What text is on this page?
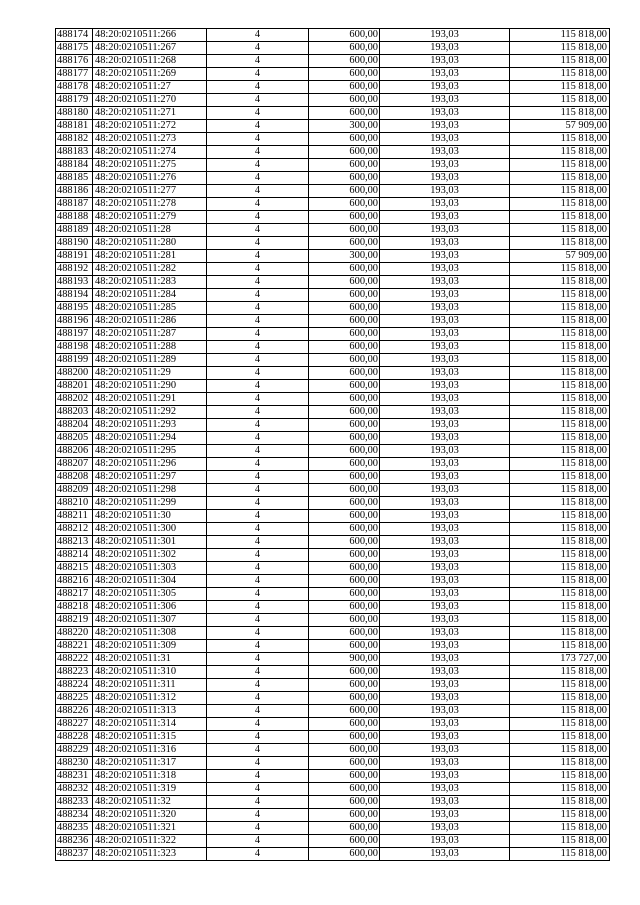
488174	48:20:0210511:266	4	600,00	193,03	115 818,00
488175	48:20:0210511:267	4	600,00	193,03	115 818,00
488176	48:20:0210511:268	4	600,00	193,03	115 818,00
488177	48:20:0210511:269	4	600,00	193,03	115 818,00
488178	48:20:0210511:27	4	600,00	193,03	115 818,00
488179	48:20:0210511:270	4	600,00	193,03	115 818,00
488180	48:20:0210511:271	4	600,00	193,03	115 818,00
488181	48:20:0210511:272	4	300,00	193,03	57 909,00
488182	48:20:0210511:273	4	600,00	193,03	115 818,00
488183	48:20:0210511:274	4	600,00	193,03	115 818,00
488184	48:20:0210511:275	4	600,00	193,03	115 818,00
488185	48:20:0210511:276	4	600,00	193,03	115 818,00
488186	48:20:0210511:277	4	600,00	193,03	115 818,00
488187	48:20:0210511:278	4	600,00	193,03	115 818,00
488188	48:20:0210511:279	4	600,00	193,03	115 818,00
488189	48:20:0210511:28	4	600,00	193,03	115 818,00
488190	48:20:0210511:280	4	600,00	193,03	115 818,00
488191	48:20:0210511:281	4	300,00	193,03	57 909,00
488192	48:20:0210511:282	4	600,00	193,03	115 818,00
488193	48:20:0210511:283	4	600,00	193,03	115 818,00
488194	48:20:0210511:284	4	600,00	193,03	115 818,00
488195	48:20:0210511:285	4	600,00	193,03	115 818,00
488196	48:20:0210511:286	4	600,00	193,03	115 818,00
488197	48:20:0210511:287	4	600,00	193,03	115 818,00
488198	48:20:0210511:288	4	600,00	193,03	115 818,00
488199	48:20:0210511:289	4	600,00	193,03	115 818,00
488200	48:20:0210511:29	4	600,00	193,03	115 818,00
488201	48:20:0210511:290	4	600,00	193,03	115 818,00
488202	48:20:0210511:291	4	600,00	193,03	115 818,00
488203	48:20:0210511:292	4	600,00	193,03	115 818,00
488204	48:20:0210511:293	4	600,00	193,03	115 818,00
488205	48:20:0210511:294	4	600,00	193,03	115 818,00
488206	48:20:0210511:295	4	600,00	193,03	115 818,00
488207	48:20:0210511:296	4	600,00	193,03	115 818,00
488208	48:20:0210511:297	4	600,00	193,03	115 818,00
488209	48:20:0210511:298	4	600,00	193,03	115 818,00
488210	48:20:0210511:299	4	600,00	193,03	115 818,00
488211	48:20:0210511:30	4	600,00	193,03	115 818,00
488212	48:20:0210511:300	4	600,00	193,03	115 818,00
488213	48:20:0210511:301	4	600,00	193,03	115 818,00
488214	48:20:0210511:302	4	600,00	193,03	115 818,00
488215	48:20:0210511:303	4	600,00	193,03	115 818,00
488216	48:20:0210511:304	4	600,00	193,03	115 818,00
488217	48:20:0210511:305	4	600,00	193,03	115 818,00
488218	48:20:0210511:306	4	600,00	193,03	115 818,00
488219	48:20:0210511:307	4	600,00	193,03	115 818,00
488220	48:20:0210511:308	4	600,00	193,03	115 818,00
488221	48:20:0210511:309	4	600,00	193,03	115 818,00
488222	48:20:0210511:31	4	900,00	193,03	173 727,00
488223	48:20:0210511:310	4	600,00	193,03	115 818,00
488224	48:20:0210511:311	4	600,00	193,03	115 818,00
488225	48:20:0210511:312	4	600,00	193,03	115 818,00
488226	48:20:0210511:313	4	600,00	193,03	115 818,00
488227	48:20:0210511:314	4	600,00	193,03	115 818,00
488228	48:20:0210511:315	4	600,00	193,03	115 818,00
488229	48:20:0210511:316	4	600,00	193,03	115 818,00
488230	48:20:0210511:317	4	600,00	193,03	115 818,00
488231	48:20:0210511:318	4	600,00	193,03	115 818,00
488232	48:20:0210511:319	4	600,00	193,03	115 818,00
488233	48:20:0210511:32	4	600,00	193,03	115 818,00
488234	48:20:0210511:320	4	600,00	193,03	115 818,00
488235	48:20:0210511:321	4	600,00	193,03	115 818,00
488236	48:20:0210511:322	4	600,00	193,03	115 818,00
488237	48:20:0210511:323	4	600,00	193,03	115 818,00
